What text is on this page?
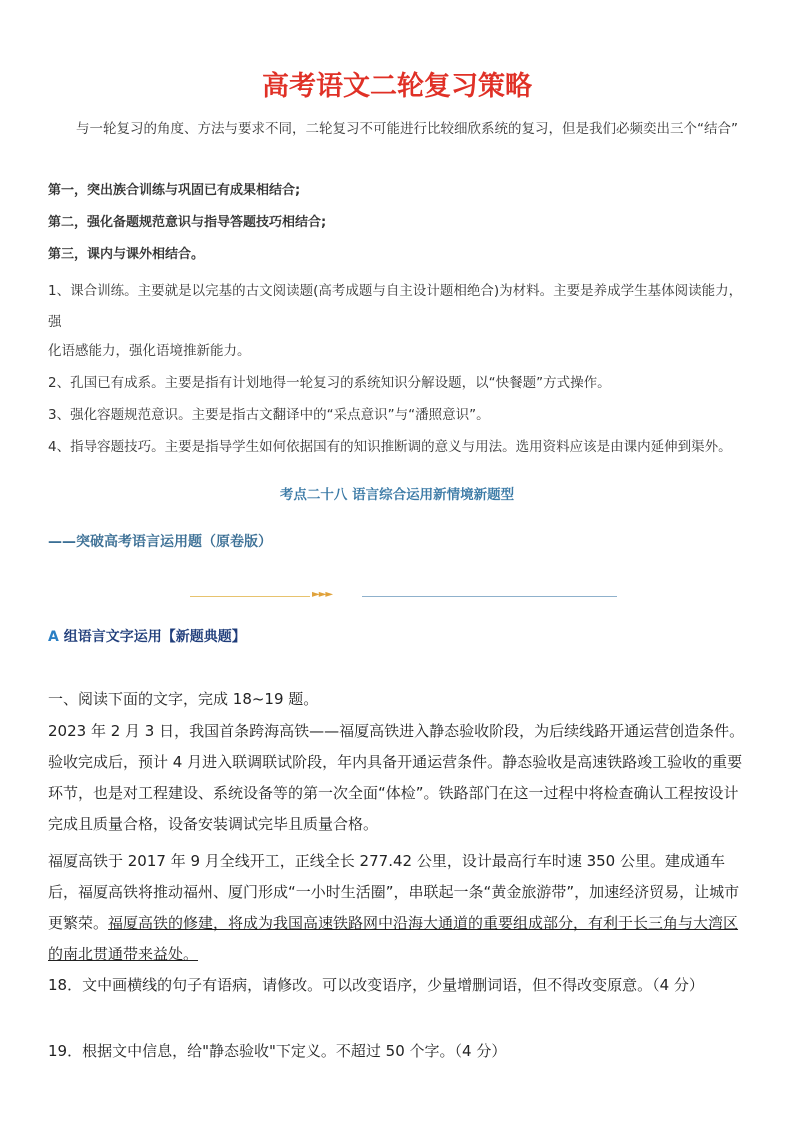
高考语文二轮复习策略
与一轮复习的角度、方法与要求不同，二轮复习不可能进行比较细欣系统的复习，但是我们必频奕出三个“结合”
第一，突出族合训练与巩固已有成果相结合;
第二，强化备题规范意识与指导答题技巧相结合;
第三，课内与课外相结合。
1、课合训练。主要就是以完基的古文阅读题(高考成题与自主设计题相绝合)为材料。主要是养成学生基体阅读能力，强
化语感能力，强化语境推新能力。
2、孔国已有成系。主要是指有计划地得一轮复习的系统知识分解设题，以“快餐题”方式操作。
3、强化容题规范意识。主要是指古文翻译中的“采点意识”与“潘照意识”。
4、指导容题技巧。主要是指导学生如何依据国有的知识推断调的意义与用法。选用资料应该是由课内延伸到渠外。
考点二十八 语言综合运用新情境新题型
——突破高考语言运用题（原卷版）
►►►
A 组语言文字运用【新题典题】
一、阅读下面的文字，完成 18~19 题。
2023 年 2 月 3 日，我国首条跨海高铁——福厦高铁进入静态验收阶段，为后续线路开通运营创造条件。验收完成后，预计 4 月进入联调联试阶段，年内具备开通运营条件。静态验收是高速铁路竣工验收的重要环节，也是对工程建设、系统设备等的第一次全面“体检”。铁路部门在这一过程中将检查确认工程按设计完成且质量合格，设备安装调试完毕且质量合格。
福厦高铁于 2017 年 9 月全线开工，正线全长 277.42 公里，设计最高行车时速 350 公里。建成通车后，福厦高铁将推动福州、厦门形成“一小时生活圈”，串联起一条“黄金旅游带”，加速经济贸易，让城市更繁荣。福厦高铁的修建，将成为我国高速铁路网中沿海大通道的重要组成部分，有利于长三角与大湾区的南北贯通带来益处。
18．文中画横线的句子有语病，请修改。可以改变语序，少量增删词语，但不得改变原意。（4 分）
19．根据文中信息，给"静态验收"下定义。不超过 50 个字。（4 分）
